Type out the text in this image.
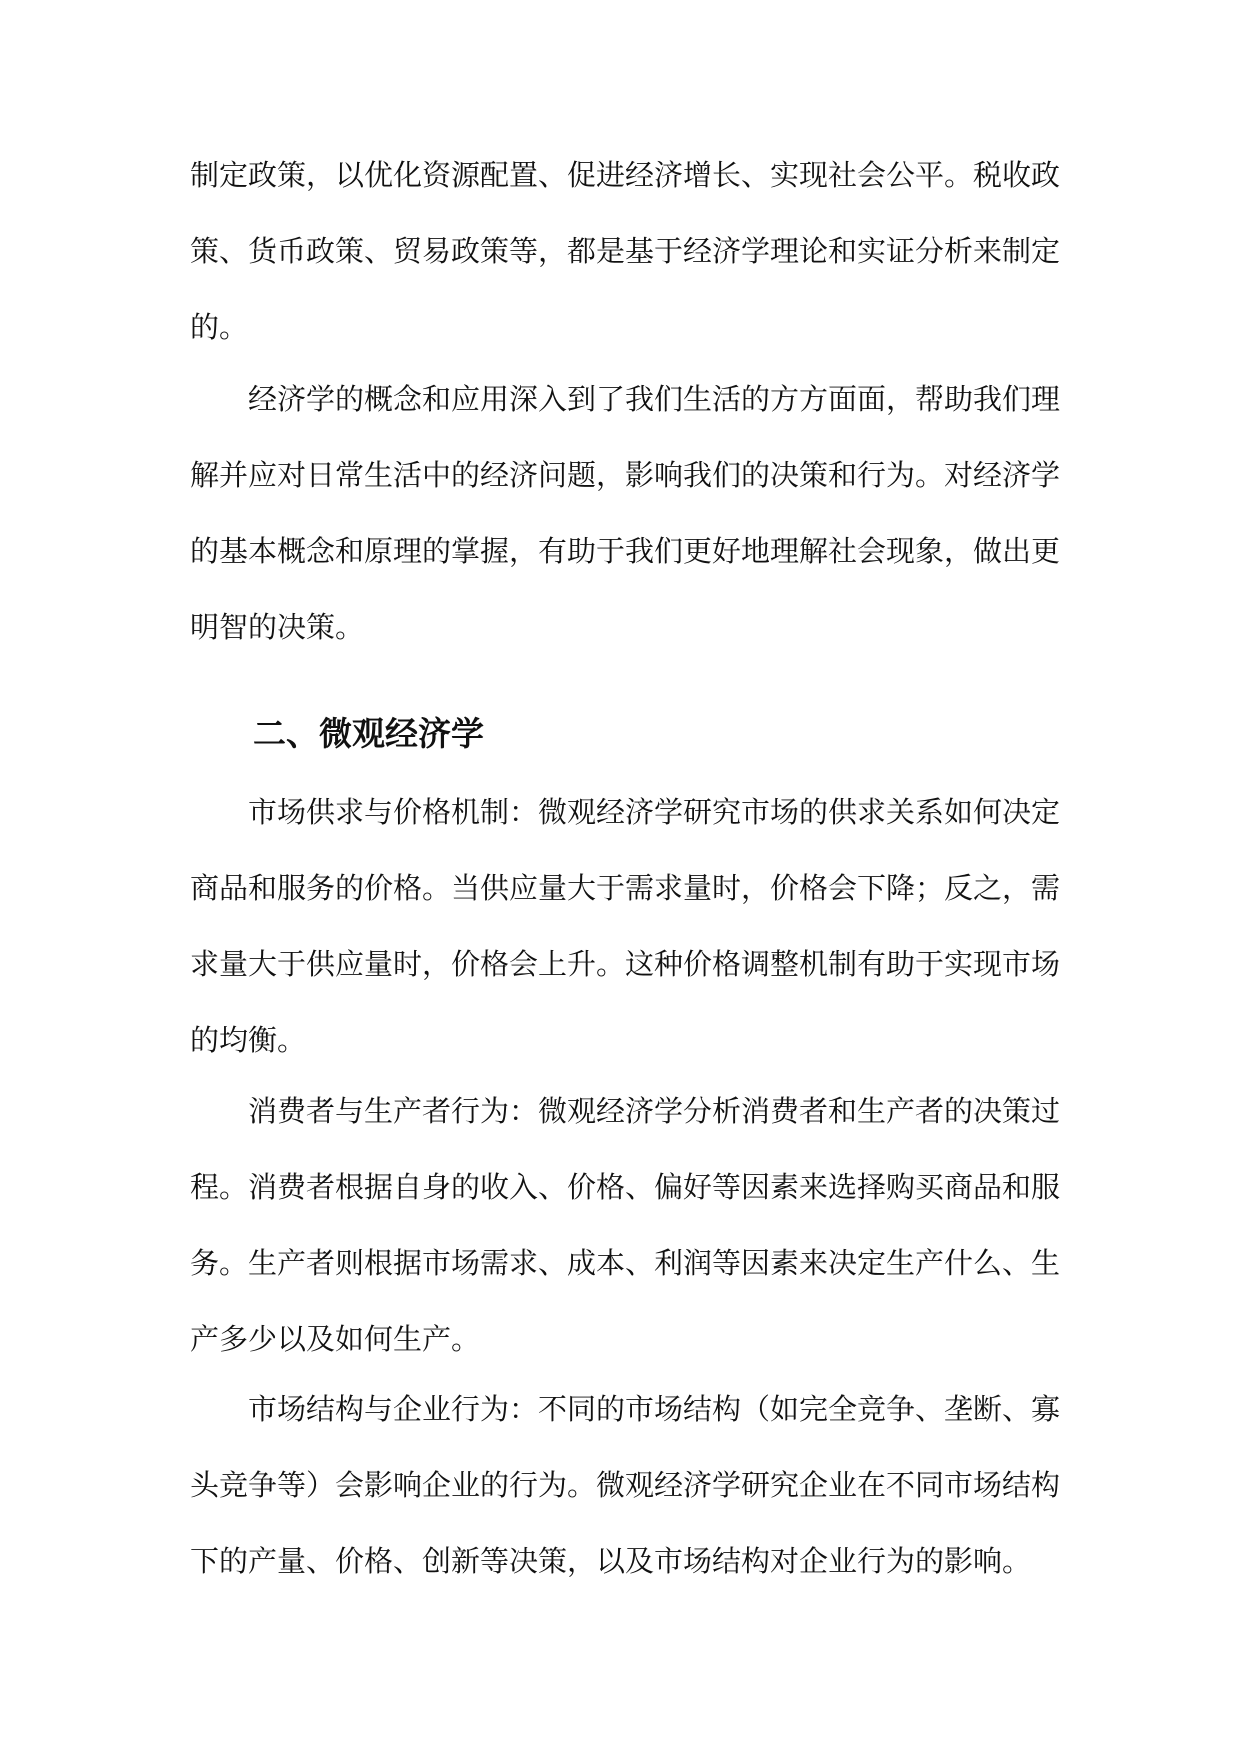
制定政策，以优化资源配置、促进经济增长、实现社会公平。税收政
策、货币政策、贸易政策等，都是基于经济学理论和实证分析来制定
的。
经济学的概念和应用深入到了我们生活的方方面面，帮助我们理
解并应对日常生活中的经济问题，影响我们的决策和行为。对经济学
的基本概念和原理的掌握，有助于我们更好地理解社会现象，做出更
明智的决策。
二、微观经济学
市场供求与价格机制：微观经济学研究市场的供求关系如何决定
商品和服务的价格。当供应量大于需求量时，价格会下降；反之，需
求量大于供应量时，价格会上升。这种价格调整机制有助于实现市场
的均衡。
消费者与生产者行为：微观经济学分析消费者和生产者的决策过
程。消费者根据自身的收入、价格、偏好等因素来选择购买商品和服
务。生产者则根据市场需求、成本、利润等因素来决定生产什么、生
产多少以及如何生产。
市场结构与企业行为：不同的市场结构（如完全竞争、垄断、寡
头竞争等）会影响企业的行为。微观经济学研究企业在不同市场结构
下的产量、价格、创新等决策，以及市场结构对企业行为的影响。
